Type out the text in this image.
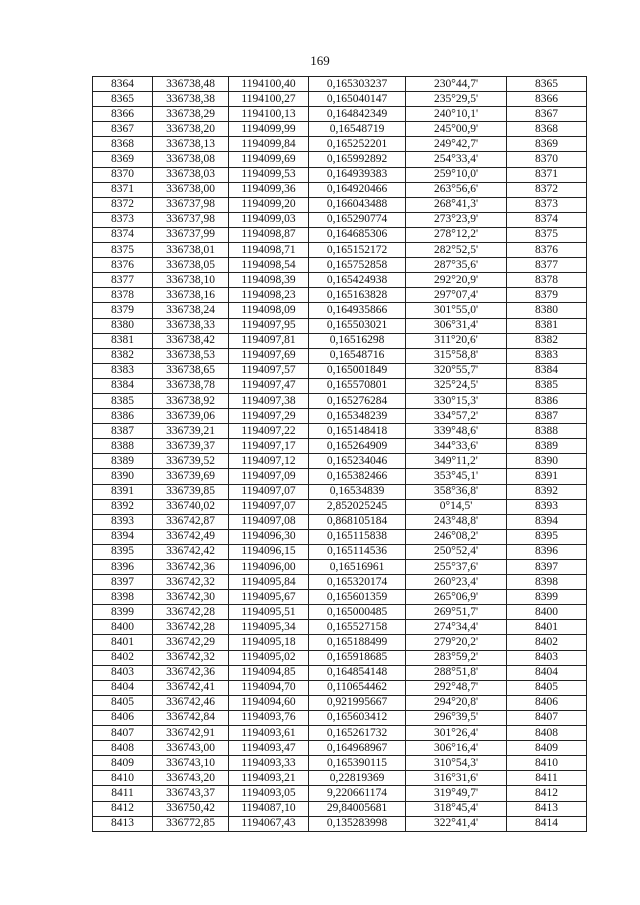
169
8364	336738,48	1194100,40	0,165303237	230°44,7'	8365
8365	336738,38	1194100,27	0,165040147	235°29,5'	8366
8366	336738,29	1194100,13	0,164842349	240°10,1'	8367
8367	336738,20	1194099,99	0,16548719	245°00,9'	8368
8368	336738,13	1194099,84	0,165252201	249°42,7'	8369
8369	336738,08	1194099,69	0,165992892	254°33,4'	8370
8370	336738,03	1194099,53	0,164939383	259°10,0'	8371
8371	336738,00	1194099,36	0,164920466	263°56,6'	8372
8372	336737,98	1194099,20	0,166043488	268°41,3'	8373
8373	336737,98	1194099,03	0,165290774	273°23,9'	8374
8374	336737,99	1194098,87	0,164685306	278°12,2'	8375
8375	336738,01	1194098,71	0,165152172	282°52,5'	8376
8376	336738,05	1194098,54	0,165752858	287°35,6'	8377
8377	336738,10	1194098,39	0,165424938	292°20,9'	8378
8378	336738,16	1194098,23	0,165163828	297°07,4'	8379
8379	336738,24	1194098,09	0,164935866	301°55,0'	8380
8380	336738,33	1194097,95	0,165503021	306°31,4'	8381
8381	336738,42	1194097,81	0,16516298	311°20,6'	8382
8382	336738,53	1194097,69	0,16548716	315°58,8'	8383
8383	336738,65	1194097,57	0,165001849	320°55,7'	8384
8384	336738,78	1194097,47	0,165570801	325°24,5'	8385
8385	336738,92	1194097,38	0,165276284	330°15,3'	8386
8386	336739,06	1194097,29	0,165348239	334°57,2'	8387
8387	336739,21	1194097,22	0,165148418	339°48,6'	8388
8388	336739,37	1194097,17	0,165264909	344°33,6'	8389
8389	336739,52	1194097,12	0,165234046	349°11,2'	8390
8390	336739,69	1194097,09	0,165382466	353°45,1'	8391
8391	336739,85	1194097,07	0,16534839	358°36,8'	8392
8392	336740,02	1194097,07	2,852025245	0°14,5'	8393
8393	336742,87	1194097,08	0,868105184	243°48,8'	8394
8394	336742,49	1194096,30	0,165115838	246°08,2'	8395
8395	336742,42	1194096,15	0,165114536	250°52,4'	8396
8396	336742,36	1194096,00	0,16516961	255°37,6'	8397
8397	336742,32	1194095,84	0,165320174	260°23,4'	8398
8398	336742,30	1194095,67	0,165601359	265°06,9'	8399
8399	336742,28	1194095,51	0,165000485	269°51,7'	8400
8400	336742,28	1194095,34	0,165527158	274°34,4'	8401
8401	336742,29	1194095,18	0,165188499	279°20,2'	8402
8402	336742,32	1194095,02	0,165918685	283°59,2'	8403
8403	336742,36	1194094,85	0,164854148	288°51,8'	8404
8404	336742,41	1194094,70	0,110654462	292°48,7'	8405
8405	336742,46	1194094,60	0,921995667	294°20,8'	8406
8406	336742,84	1194093,76	0,165603412	296°39,5'	8407
8407	336742,91	1194093,61	0,165261732	301°26,4'	8408
8408	336743,00	1194093,47	0,164968967	306°16,4'	8409
8409	336743,10	1194093,33	0,165390115	310°54,3'	8410
8410	336743,20	1194093,21	0,22819369	316°31,6'	8411
8411	336743,37	1194093,05	9,220661174	319°49,7'	8412
8412	336750,42	1194087,10	29,84005681	318°45,4'	8413
8413	336772,85	1194067,43	0,135283998	322°41,4'	8414
